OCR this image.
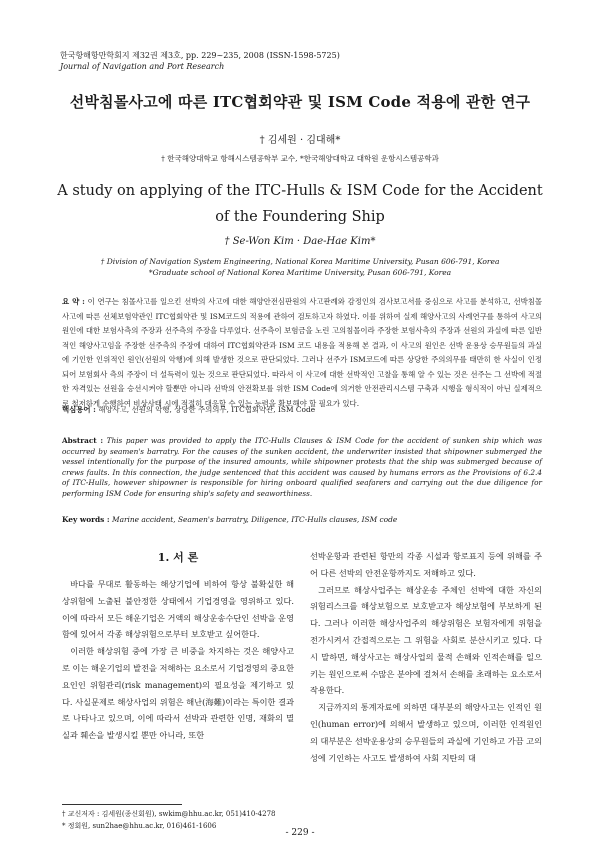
한국항해항만학회지 제32권 제3호, pp. 229~235, 2008 (ISSN-1598-5725)
Journal of Navigation and Port Research
선박침몰사고에 따른 ITC협회약관 및 ISM Code 적용에 관한 연구
† 김세원 · 김대해*
† 한국해양대학교 항해시스템공학부 교수, *한국해양대학교 대학원 운항시스템공학과
A study on applying of the ITC-Hulls & ISM Code for the Accident of the Foundering Ship
† Se-Won Kim · Dae-Hae Kim*
† Division of Navigation System Engineering, National Korea Maritime University, Pusan 606-791, Korea
*Graduate school of National Korea Maritime University, Pusan 606-791, Korea
요 약 : 이 연구는 침몰사고를 일으킨 선박의 사고에 대한 해양안전심판원의 사고판례와 감정인의 검사보고서를 중심으로 사고를 분석하고, 선박침몰사고에 따른 선체보험약관인 ITC협회약관 및 ISM코드의 적용에 관하여 검토하고자 하였다. 이를 위하여 실제 해양사고의 사례연구를 통하여 사고의 원인에 대한 보험사측의 주장과 선주측의 주장을 다루었다. 선주측이 보험금을 노린 고의침몰이라 주장한 보험사측의 주장과 선원의 과실에 따른 일반적인 해양사고임을 주장한 선주측의 주장에 대하여 ITC협회약관과 ISM 코드 내용을 적용해 본 결과, 이 사고의 원인은 선박 운용상 승무원들의 과실에 기인한 인위적인 원인(선원의 악행)에 의해 발생한 것으로 판단되었다. 그러나 선주가 ISM코드에 따른 상당한 주의의무를 태만히 한 사실이 인정되어 보험회사 측의 주장이 더 설득력이 있는 것으로 판단되었다. 따라서 이 사고에 대한 선박적인 고찰을 통해 알 수 있는 것은 선주는 그 선박에 적절한 자격있는 선원을 승선시켜야 할뿐만 아니라 선박의 안전확보를 위한 ISM Code에 의거한 안전관리시스템 구축과 시행을 형식적이 아닌 실제적으로 철저하게 수행하여 비상사태 시에 적절히 대응할 수 있는 능력을 확보해야 할 필요가 있다.
핵심용어 : 해양사고, 선원의 악행, 상당한 주의의무, ITC협회약관, ISM Code
Abstract : This paper was provided to apply the ITC-Hulls Clauses & ISM Code for the accident of sunken ship which was occurred by seamen's barratry. For the causes of the sunken accident, the underwriter insisted that shipowner submerged the vessel intentionally for the purpose of the insured amounts, while shipowner protests that the ship was submerged because of crews faults. In this connection, the judge sentenced that this accident was caused by humans errors as the Provisions of 6.2.4 of ITC-Hulls, however shipowner is responsible for hiring onboard qualified seafarers and carrying out the due diligence for performing ISM Code for ensuring ship's safety and seaworthiness.
Key words : Marine accident, Seamen's barratry, Diligence, ITC-Hulls clauses, ISM code
1. 서 론

바다를 무대로 활동하는 해상기업에 비하여 항상 불확실한 해상위험에 노출된 불안정한 상태에서 기업경영을 영위하고 있다. 이에 따라서 모든 해운기업은 거액의 해상운송수단인 선박을 운영함에 있어서 각종 해상위험으로부터 보호받고 싶어한다.

이러한 해상위험 중에 가장 큰 비중을 차지하는 것은 해양사고로 이는 해운기업의 발전을 저해하는 요소로서 기업경영의 중요한 요인인 위험관리(risk management)의 필요성을 제기하고 있다. 사실문제로 해상사업의 위험은 해난(海難)이라는 특이한 결과로 나타나고 있으며, 이에 따라서 선박과 관련한 인명, 재화의 멸실과 훼손을 발생시킬 뿐만 아니라, 또한

선박운항과 관련된 항만의 각종 시설과 항로표지 등에 위해를 주어 다른 선박의 안전운항까지도 저해하고 있다.

그러므로 해상사업주는 해상운송 주체인 선박에 대한 자신의 위험리스크를 해상보험으로 보호받고자 해상보험에 부보하게 된다. 그러나 이러한 해상사업주의 해상위험은 보험자에게 위험을 전가시켜서 간접적으로는 그 위험을 사회로 분산시키고 있다. 다시 말하면, 해상사고는 해상사업의 물적 손해와 인적손해를 일으키는 원인으로써 수많은 분야에 걸쳐서 손해를 초래하는 요소로서 작용한다.

지금까지의 통계자료에 의하면 대부분의 해양사고는 인적인 원인(human error)에 의해서 발생하고 있으며, 이러한 인적원인의 대부분은 선박운용상의 승무원들의 과실에 기인하고 가끔 고의성에 기인하는 사고도 발생하여 사회 지탄의 대

† 교신저자 : 김세원(종신회원), swkim@hhu.ac.kr, 051)410-4278
* 정회원, sun2hae@hhu.ac.kr, 016)461-1606
- 229 -
